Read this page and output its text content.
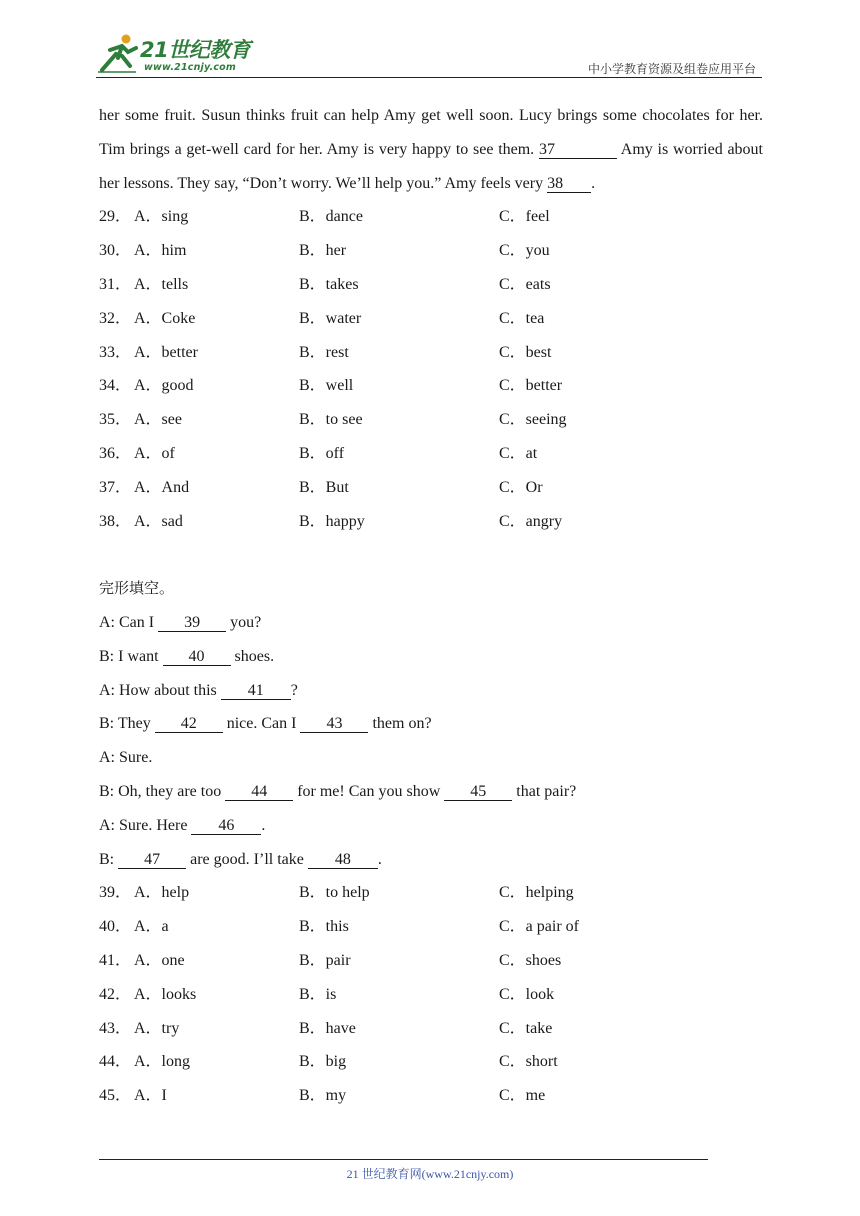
21世纪教育
www.21cnjy.com	中小学教育资源及组卷应用平台

her some fruit. Susun thinks fruit can help Amy get well soon. Lucy brings some chocolates for her. Tim brings a get-well card for her. Amy is very happy to see them. 37	Amy is worried about her lessons. They say, “Don’t worry. We’ll help you.” Amy feels very 38 .

29． A．sing	B．dance	C．feel
30． A．him	B．her	C．you
31． A．tells	B．takes	C．eats
32． A．Coke	B．water	C．tea
33． A．better	B．rest	C．best
34． A．good	B．well	C．better
35． A．see	B．to see	C．seeing
36． A．of	B．off	C．at
37． A．And	B．But	C．Or
38． A．sad	B．happy	C．angry
完形填空。
A: Can I 39 you?
B: I want 40 shoes.
A: How about this 41 ?
B: They 42 nice. Can I 43 them on?
A: Sure.
B: Oh, they are too 44 for me! Can you show 45 that pair?
A: Sure. Here 46 .
B: 47 are good. I’ll take 48 .
39． A．help	B．to help	C．helping
40． A．a	B．this	C．a pair of
41． A．one	B．pair	C．shoes
42． A．looks	B．is	C．look
43． A．try	B．have	C．take
44． A．long	B．big	C．short
45． A．I	B．my	C．me
21 世纪教育网(www.21cnjy.com)
